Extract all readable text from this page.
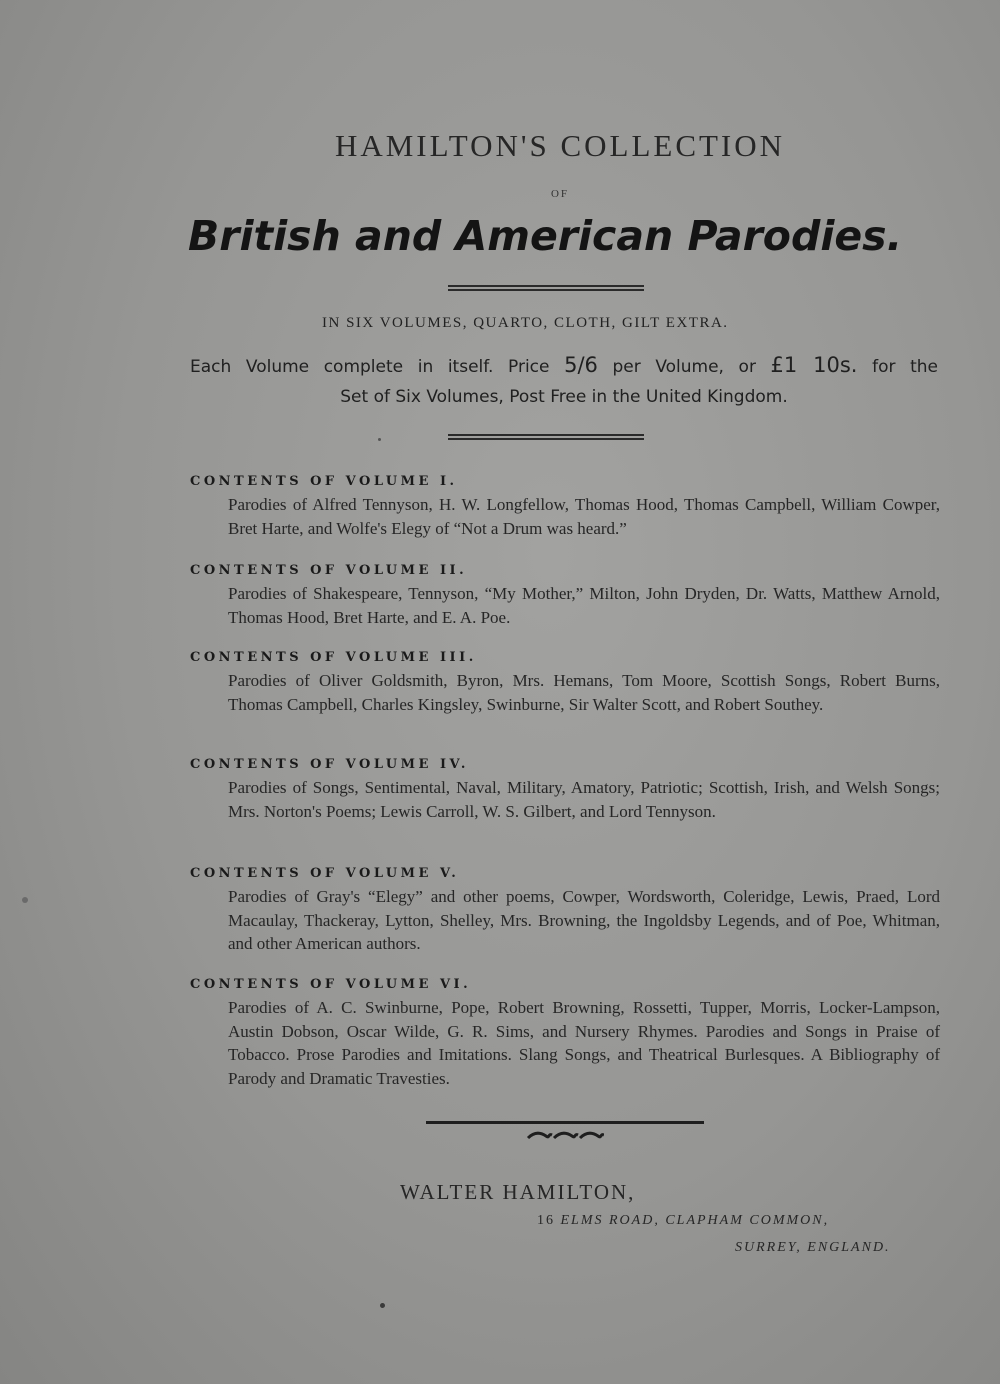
HAMILTON'S COLLECTION
OF
British and American Parodies.
IN SIX VOLUMES, QUARTO, CLOTH, GILT EXTRA.
Each Volume complete in itself. Price 5/6 per Volume, or £1 10s. for the
Set of Six Volumes, Post Free in the United Kingdom.
CONTENTS OF VOLUME I.
Parodies of Alfred Tennyson, H. W. Longfellow, Thomas Hood, Thomas Campbell, William Cowper, Bret Harte, and Wolfe's Elegy of “Not a Drum was heard.”
CONTENTS OF VOLUME II.
Parodies of Shakespeare, Tennyson, “My Mother,” Milton, John Dryden, Dr. Watts, Matthew Arnold, Thomas Hood, Bret Harte, and E. A. Poe.
CONTENTS OF VOLUME III.
Parodies of Oliver Goldsmith, Byron, Mrs. Hemans, Tom Moore, Scottish Songs, Robert Burns, Thomas Campbell, Charles Kingsley, Swinburne, Sir Walter Scott, and Robert Southey.
CONTENTS OF VOLUME IV.
Parodies of Songs, Sentimental, Naval, Military, Amatory, Patriotic; Scottish, Irish, and Welsh Songs; Mrs. Norton's Poems; Lewis Carroll, W. S. Gilbert, and Lord Tennyson.
CONTENTS OF VOLUME V.
Parodies of Gray's “Elegy” and other poems, Cowper, Wordsworth, Coleridge, Lewis, Praed, Lord Macaulay, Thackeray, Lytton, Shelley, Mrs. Browning, the Ingoldsby Legends, and of Poe, Whitman, and other American authors.
CONTENTS OF VOLUME VI.
Parodies of A. C. Swinburne, Pope, Robert Browning, Rossetti, Tupper, Morris, Locker-Lampson, Austin Dobson, Oscar Wilde, G. R. Sims, and Nursery Rhymes. Parodies and Songs in Praise of Tobacco. Prose Parodies and Imitations. Slang Songs, and Theatrical Burlesques. A Bibliography of Parody and Dramatic Travesties.
WALTER HAMILTON,
16 ELMS ROAD, CLAPHAM COMMON,
SURREY, ENGLAND.
